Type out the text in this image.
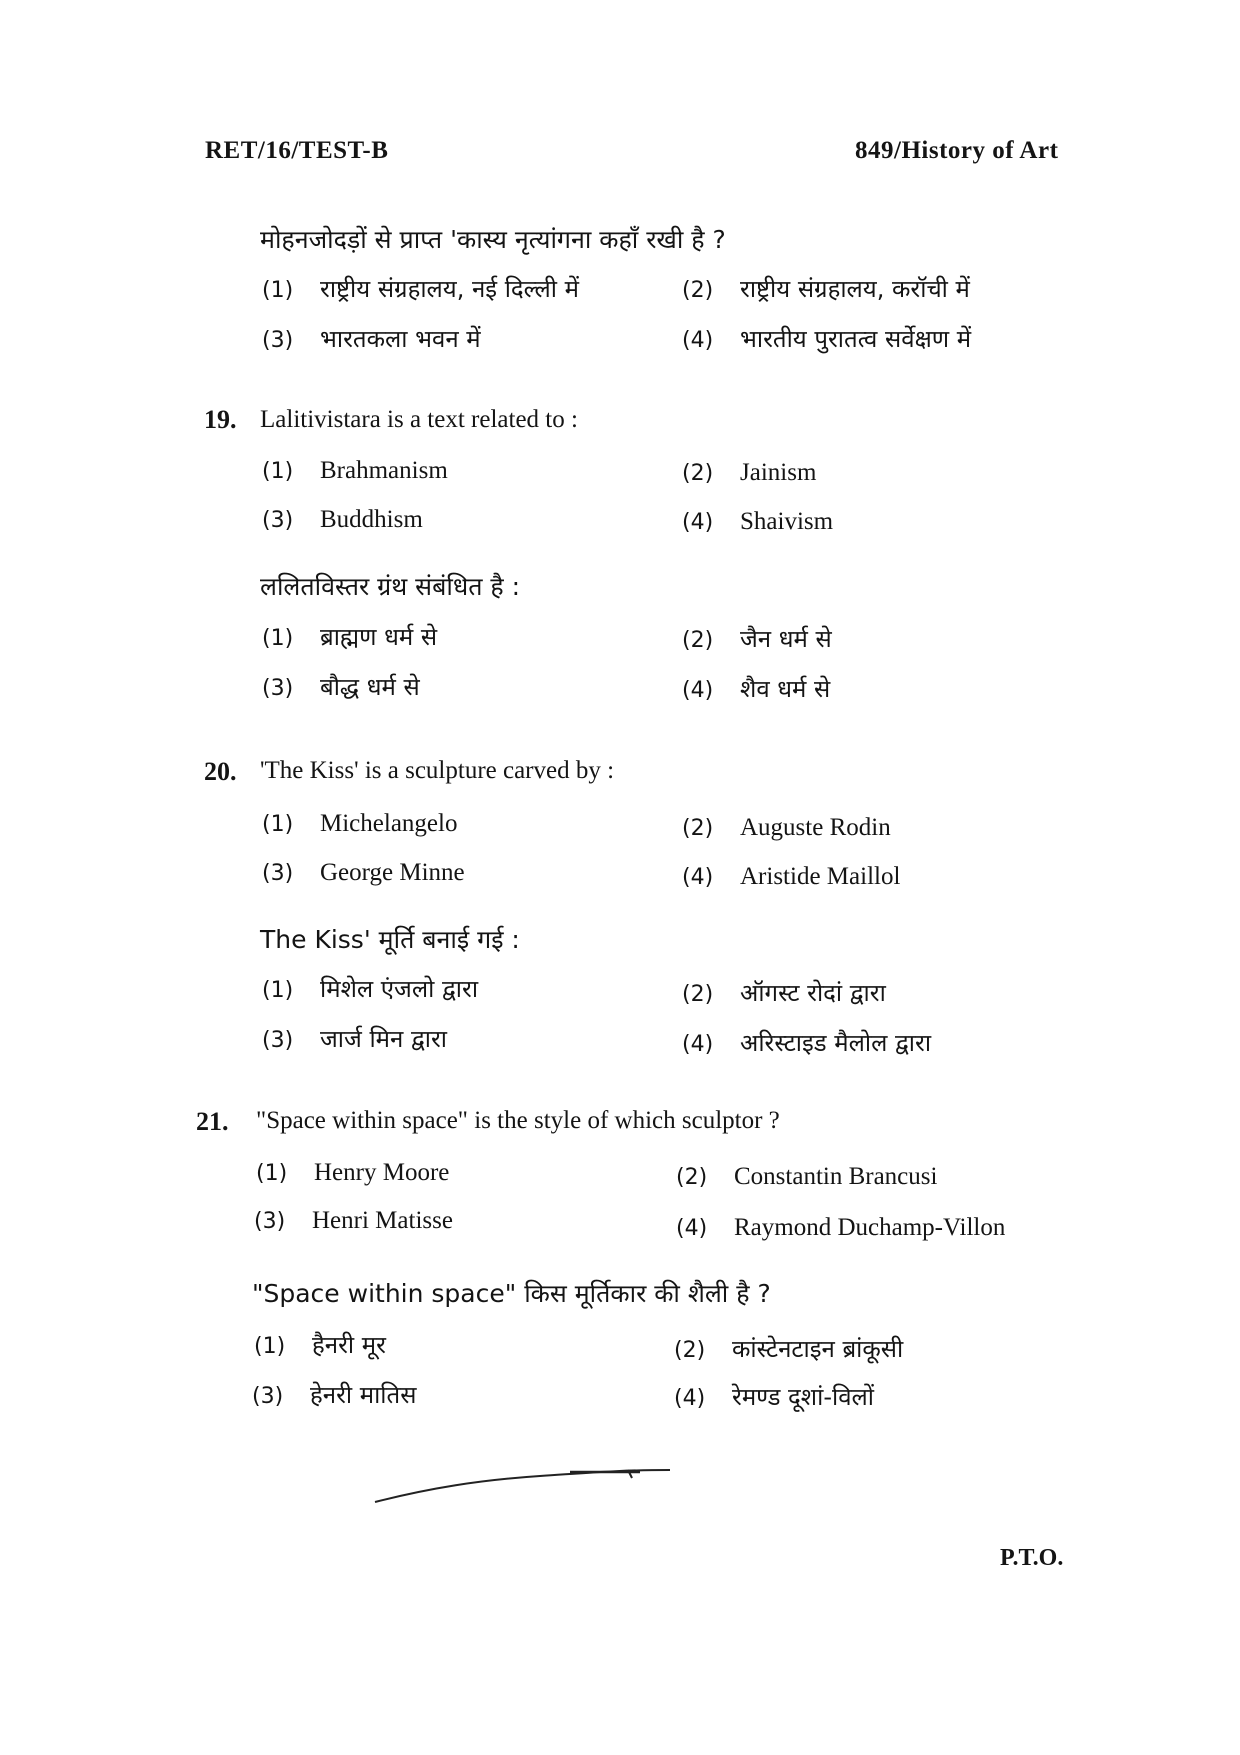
RET/16/TEST-B	849/History of Art
मोहनजोदड़ों से प्राप्त 'कास्य नृत्यांगना कहाँ रखी है ?
(1) राष्ट्रीय संग्रहालय, नई दिल्ली में	(2) राष्ट्रीय संग्रहालय, करॉची में
(3) भारतकला भवन में	(4) भारतीय पुरातत्व सर्वेक्षण में
19. Lalitivistara is a text related to :
(1) Brahmanism	(2) Jainism
(3) Buddhism	(4) Shaivism
ललितविस्तर ग्रंथ संबंधित है :
(1) ब्राह्मण धर्म से	(2) जैन धर्म से
(3) बौद्ध धर्म से	(4) शैव धर्म से
20. 'The Kiss' is a sculpture carved by :
(1) Michelangelo	(2) Auguste Rodin
(3) George Minne	(4) Aristide Maillol
The Kiss' मूर्ति बनाई गई :
(1) मिशेल एंजलो द्वारा	(2) ऑगस्ट रोदां द्वारा
(3) जार्ज मिन द्वारा	(4) अरिस्टाइड मैलोल द्वारा
21. "Space within space" is the style of which sculptor ?
(1) Henry Moore	(2) Constantin Brancusi
(3) Henri Matisse	(4) Raymond Duchamp-Villon
"Space within space" किस मूर्तिकार की शैली है ?
(1) हैनरी मूर	(2) कांस्टेनटाइन ब्रांकूसी
(3) हेनरी मातिस	(4) रेमण्ड दूशां-विलों
P.T.O.
